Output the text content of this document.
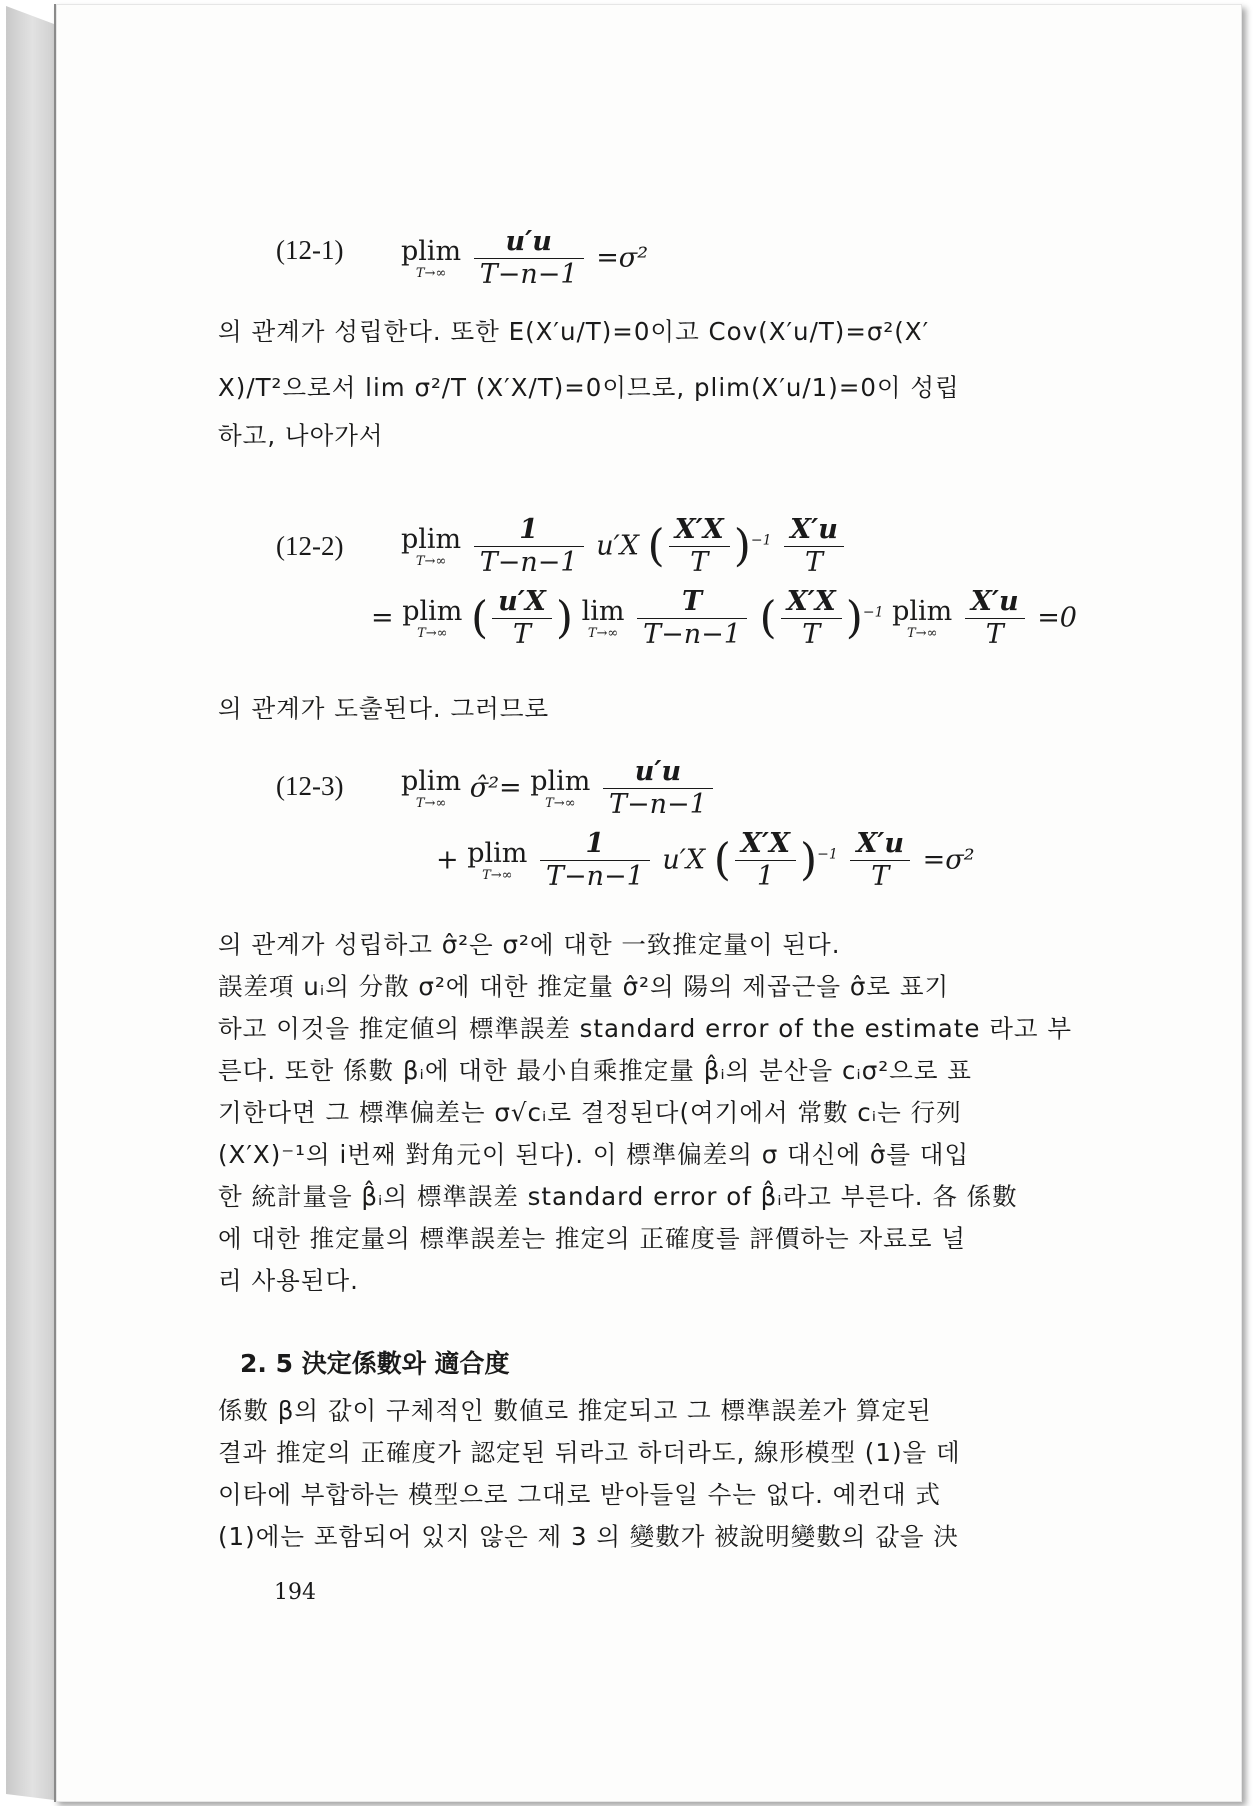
(12-1) plim
T→∞
	$\frac{u'u}{T-n-1} =\sigma^2$

의 관계가 성립한다. 또한 E(X′u/T)=0이고 Cov(X′u/T)=σ²(X′

X)/T²으로서 lim σ²/T (X′X/T)=0이므로, plim(X′u/1)=0이 성립

하고, 나아가서

(12-2) plim
T→∞
	$\frac{1}{T-n-1} u'X$ ( $\frac{X'X}{T} )^{-1} \frac{X'u}{T}$
= plim
T→∞ ( $\frac{u'X}{T}$ ) lim
T→∞
$\frac{T}{T-n-1}$ ( $\frac{X'X}{T} )^{-1}$ plim
T→∞
	$\frac{X'u}{T} =0$

의 관계가 도출된다. 그러므로

(12-3) plim
T→∞ σ̂²= plim
T→∞
	$\frac{u'u}{T-n-1}$
+ plim
T→∞
	$\frac{1}{T-n-1} u'X$ ( $\frac{X'X}{1} )^{-1} \frac{X'u}{T} =\sigma^2$

의 관계가 성립하고 σ̂²은 σ²에 대한 一致推定量이 된다.

誤差項 uᵢ의 分散 σ²에 대한 推定量 σ̂²의 陽의 제곱근을 σ̂로 표기

하고 이것을 推定値의 標準誤差 standard error of the estimate 라고 부

른다. 또한 係數 βᵢ에 대한 最小自乘推定量 β̂ᵢ의 분산을 cᵢσ²으로 표

기한다면 그 標準偏差는 σ√cᵢ로 결정된다(여기에서 常數 cᵢ는 行列

(X′X)⁻¹의 i번째 對角元이 된다). 이 標準偏差의 σ 대신에 σ̂를 대입

한 統計量을 β̂ᵢ의 標準誤差 standard error of β̂ᵢ라고 부른다. 各 係數

에 대한 推定量의 標準誤差는 推定의 正確度를 評價하는 자료로 널

리 사용된다.

2. 5 決定係數와 適合度

係數 β의 값이 구체적인 數値로 推定되고 그 標準誤差가 算定된

결과 推定의 正確度가 認定된 뒤라고 하더라도, 線形模型 (1)을 데

이타에 부합하는 模型으로 그대로 받아들일 수는 없다. 예컨대 式

(1)에는 포함되어 있지 않은 제 3 의 變數가 被說明變數의 값을 決

194
